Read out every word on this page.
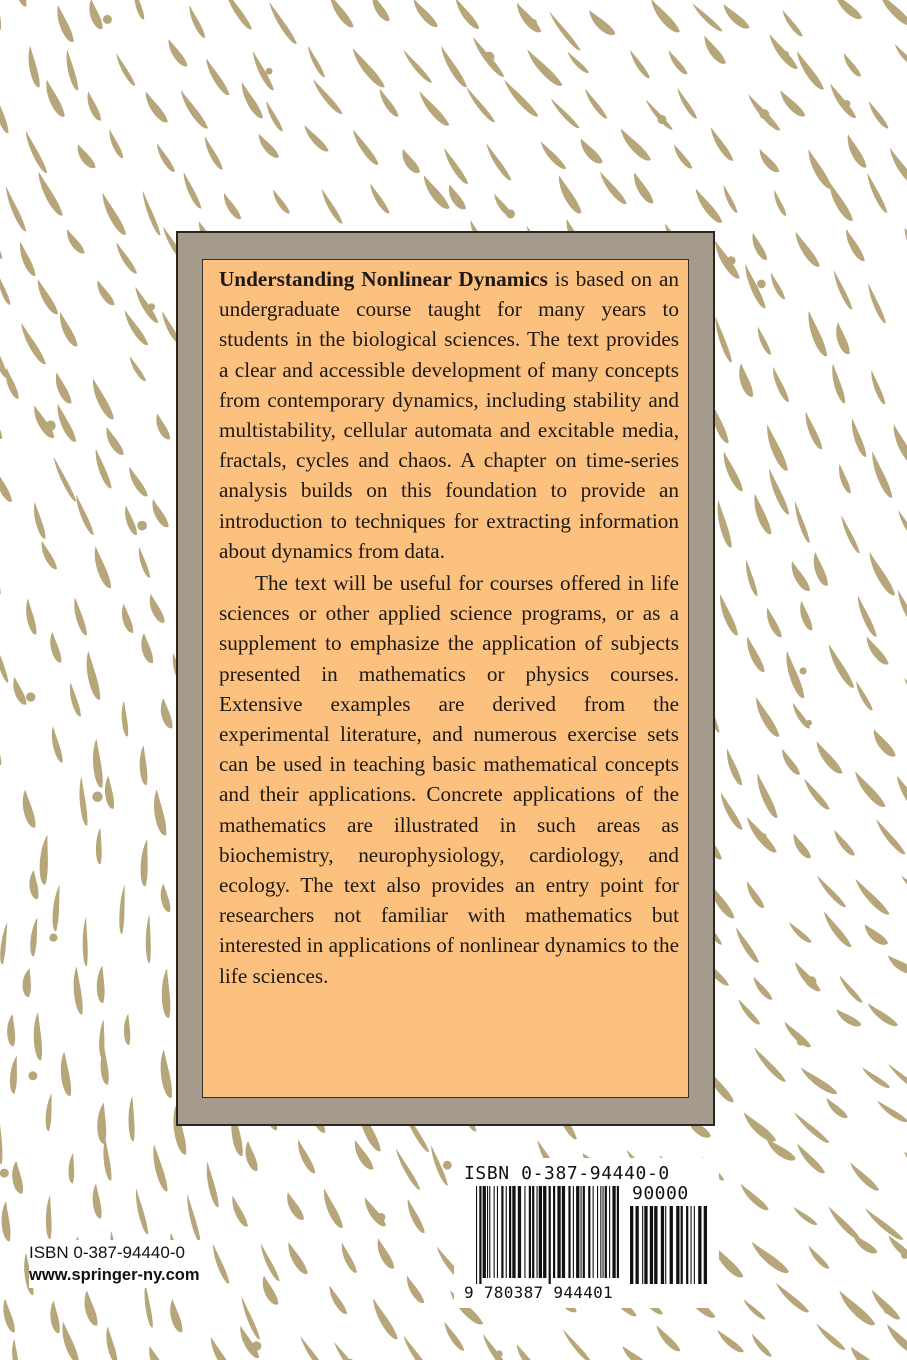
Understanding Nonlinear Dynamics is based on an undergraduate course taught for many years to students in the biological sciences. The text provides a clear and accessible development of many concepts from contemporary dynamics, including stability and multistability, cellular automata and excitable media, fractals, cycles and chaos. A chapter on time-series analysis builds on this foundation to provide an introduction to techniques for extracting information about dynamics from data.

The text will be useful for courses offered in life sciences or other applied science programs, or as a supplement to emphasize the application of subjects presented in mathematics or physics courses. Extensive examples are derived from the experimental literature, and numerous exercise sets can be used in teaching basic mathematical concepts and their applications. Concrete applications of the mathematics are illustrated in such areas as biochemistry, neurophysiology, cardiology, and ecology. The text also provides an entry point for researchers not familiar with mathematics but interested in applications of nonlinear dynamics to the life sciences.

ISBN 0-387-94440-0
www.springer-ny.com
ISBN 0-387-94440-0
90000
9 780387 944401
